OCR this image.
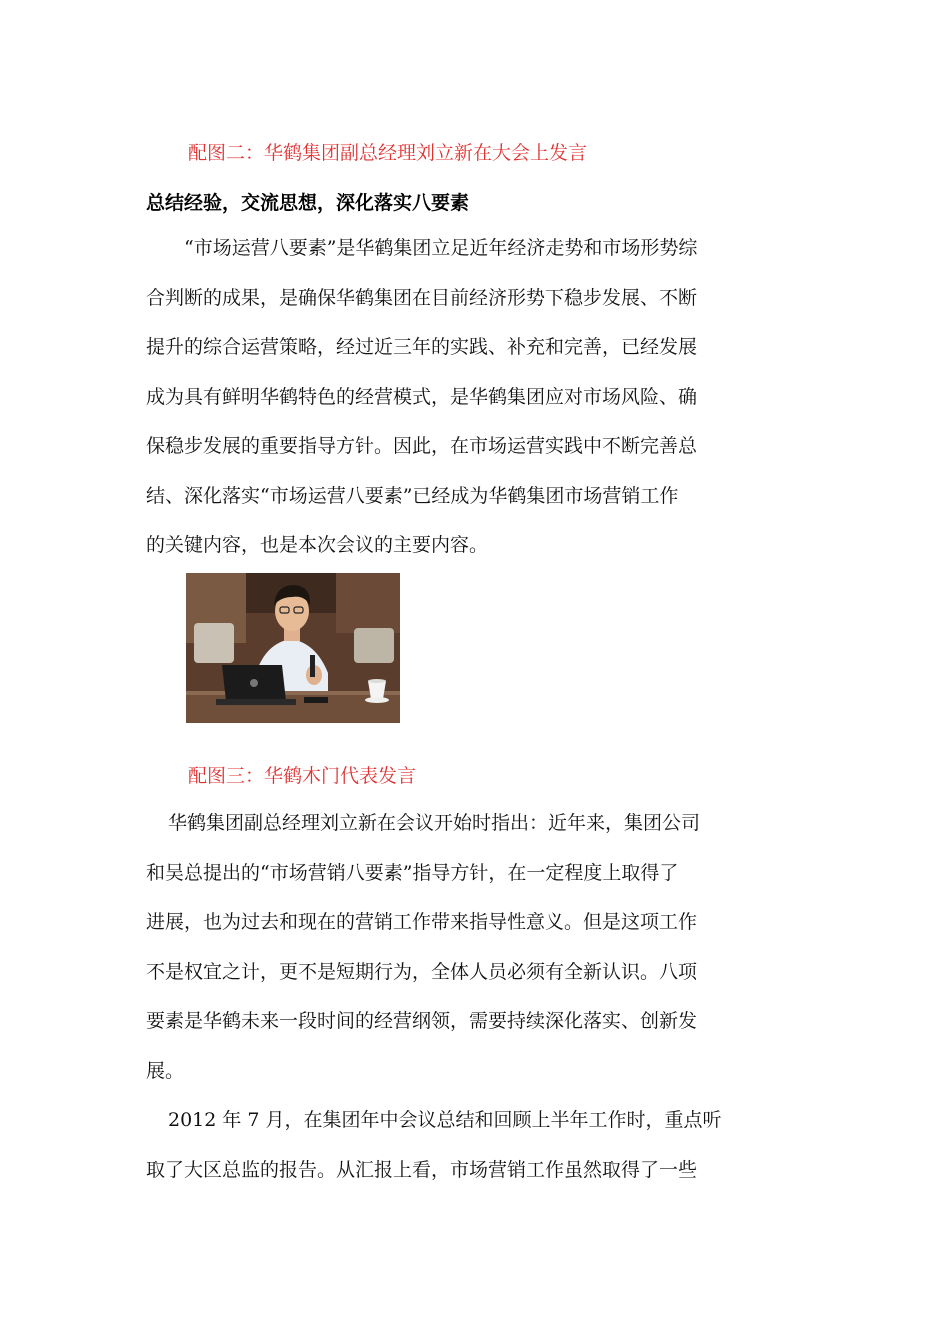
配图二：华鹤集团副总经理刘立新在大会上发言
总结经验，交流思想，深化落实八要素
“市场运营八要素”是华鹤集团立足近年经济走势和市场形势综
合判断的成果，是确保华鹤集团在目前经济形势下稳步发展、不断
提升的综合运营策略，经过近三年的实践、补充和完善，已经发展
成为具有鲜明华鹤特色的经营模式，是华鹤集团应对市场风险、确
保稳步发展的重要指导方针。因此，在市场运营实践中不断完善总
结、深化落实“市场运营八要素”已经成为华鹤集团市场营销工作
的关键内容，也是本次会议的主要内容。
配图三：华鹤木门代表发言
华鹤集团副总经理刘立新在会议开始时指出：近年来，集团公司
和吴总提出的“市场营销八要素”指导方针，在一定程度上取得了
进展，也为过去和现在的营销工作带来指导性意义。但是这项工作
不是权宜之计，更不是短期行为，全体人员必须有全新认识。八项
要素是华鹤未来一段时间的经营纲领，需要持续深化落实、创新发
展。
2012 年 7 月，在集团年中会议总结和回顾上半年工作时，重点听
取了大区总监的报告。从汇报上看，市场营销工作虽然取得了一些
